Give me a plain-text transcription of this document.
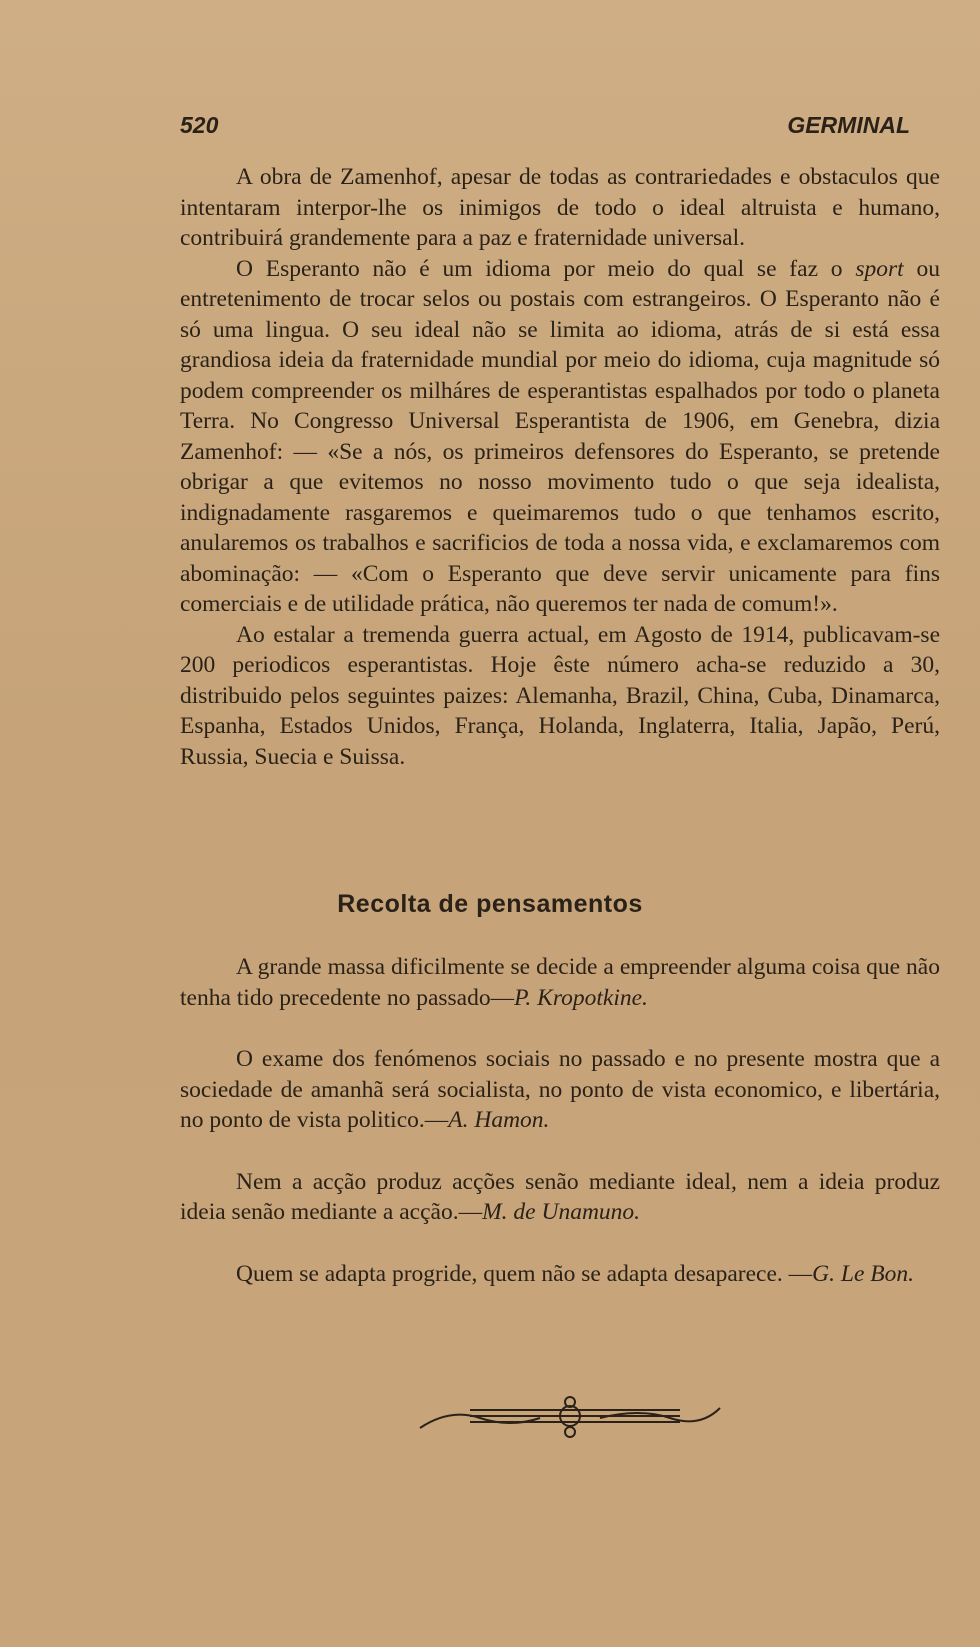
520	GERMINAL

A obra de Zamenhof, apesar de todas as contrariedades e obstaculos que intentaram interpor-lhe os inimigos de todo o ideal altruista e humano, contribuirá grandemente para a paz e fraternidade universal.

O Esperanto não é um idioma por meio do qual se faz o sport ou entretenimento de trocar selos ou postais com estrangeiros. O Esperanto não é só uma lingua. O seu ideal não se limita ao idioma, atrás de si está essa grandiosa ideia da fraternidade mundial por meio do idioma, cuja magnitude só podem compreender os milháres de esperantistas espalhados por todo o planeta Terra. No Congresso Universal Esperantista de 1906, em Genebra, dizia Zamenhof: — «Se a nós, os primeiros defensores do Esperanto, se pretende obrigar a que evitemos no nosso movimento tudo o que seja idealista, indignadamente rasgaremos e queimaremos tudo o que tenhamos escrito, anularemos os trabalhos e sacrificios de toda a nossa vida, e exclamaremos com abominação: — «Com o Esperanto que deve servir unicamente para fins comerciais e de utilidade prática, não queremos ter nada de comum!».

Ao estalar a tremenda guerra actual, em Agosto de 1914, publicavam-se 200 periodicos esperantistas. Hoje êste número acha-se reduzido a 30, distribuido pelos seguintes paizes: Alemanha, Brazil, China, Cuba, Dinamarca, Espanha, Estados Unidos, França, Holanda, Inglaterra, Italia, Japão, Perú, Russia, Suecia e Suissa.

Recolta de pensamentos

A grande massa dificilmente se decide a empreender alguma coisa que não tenha tido precedente no passado—P. Kropotkine.

O exame dos fenómenos sociais no passado e no presente mostra que a sociedade de amanhã será socialista, no ponto de vista economico, e libertária, no ponto de vista politico.—A. Hamon.

Nem a acção produz acções senão mediante ideal, nem a ideia produz ideia senão mediante a acção.—M. de Unamuno.

Quem se adapta progride, quem não se adapta desaparece. —G. Le Bon.
